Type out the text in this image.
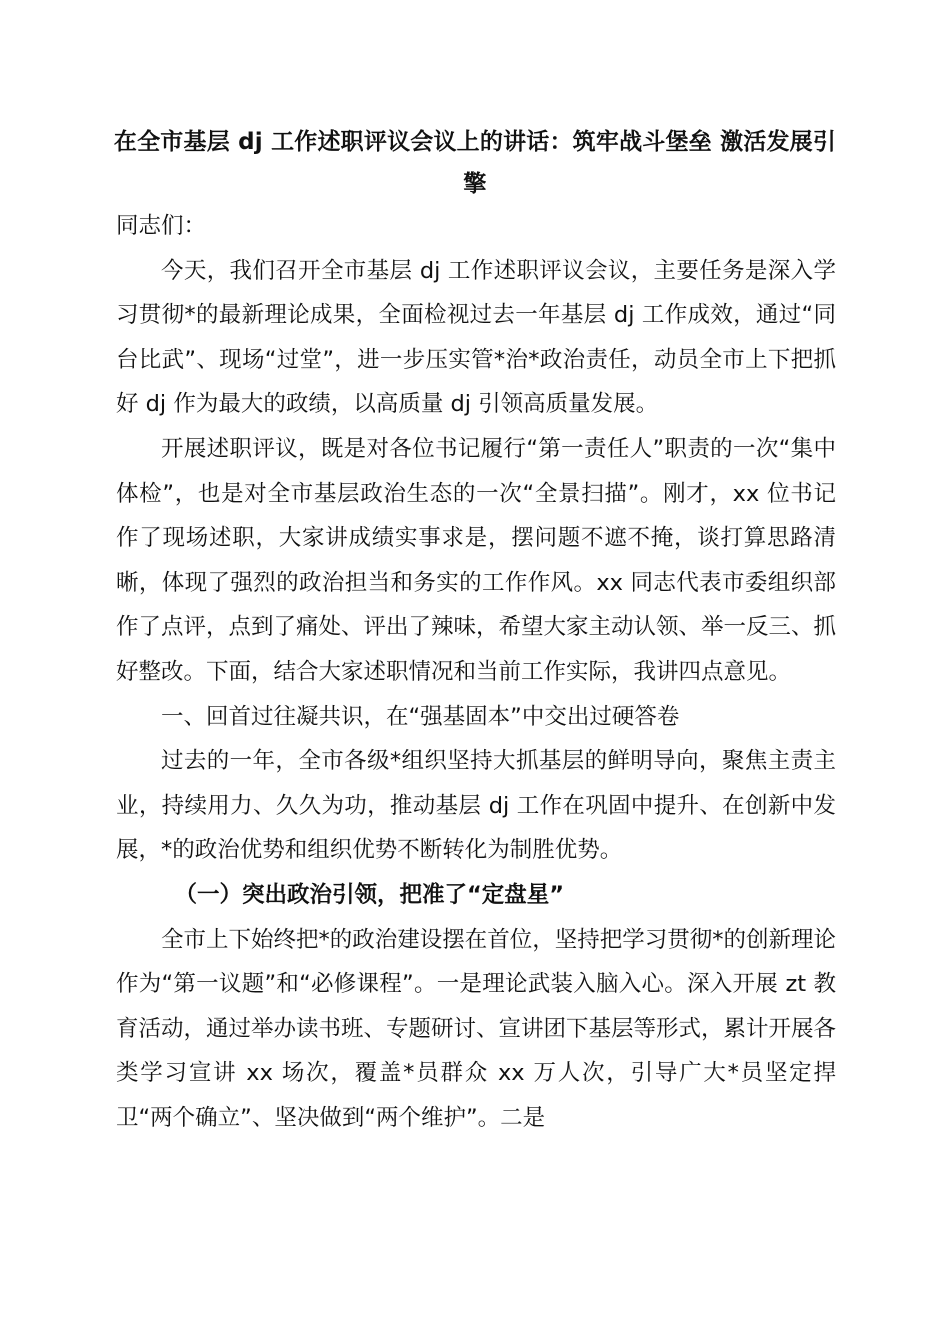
在全市基层 dj 工作述职评议会议上的讲话：筑牢战斗堡垒 激活发展引擎

同志们：

今天，我们召开全市基层 dj 工作述职评议会议，主要任务是深入学习贯彻*的最新理论成果，全面检视过去一年基层 dj 工作成效，通过“同台比武”、现场“过堂”，进一步压实管*治*政治责任，动员全市上下把抓好 dj 作为最大的政绩，以高质量 dj 引领高质量发展。

开展述职评议，既是对各位书记履行“第一责任人”职责的一次“集中体检”，也是对全市基层政治生态的一次“全景扫描”。刚才，xx 位书记作了现场述职，大家讲成绩实事求是，摆问题不遮不掩，谈打算思路清晰，体现了强烈的政治担当和务实的工作作风。xx 同志代表市委组织部作了点评，点到了痛处、评出了辣味，希望大家主动认领、举一反三、抓好整改。下面，结合大家述职情况和当前工作实际，我讲四点意见。

一、回首过往凝共识，在“强基固本”中交出过硬答卷

过去的一年，全市各级*组织坚持大抓基层的鲜明导向，聚焦主责主业，持续用力、久久为功，推动基层 dj 工作在巩固中提升、在创新中发展，*的政治优势和组织优势不断转化为制胜优势。

（一）突出政治引领，把准了“定盘星”

全市上下始终把*的政治建设摆在首位，坚持把学习贯彻*的创新理论作为“第一议题”和“必修课程”。一是理论武装入脑入心。深入开展 zt 教育活动，通过举办读书班、专题研讨、宣讲团下基层等形式，累计开展各类学习宣讲 xx 场次，覆盖*员群众 xx 万人次，引导广大*员坚定捍卫“两个确立”、坚决做到“两个维护”。二是
